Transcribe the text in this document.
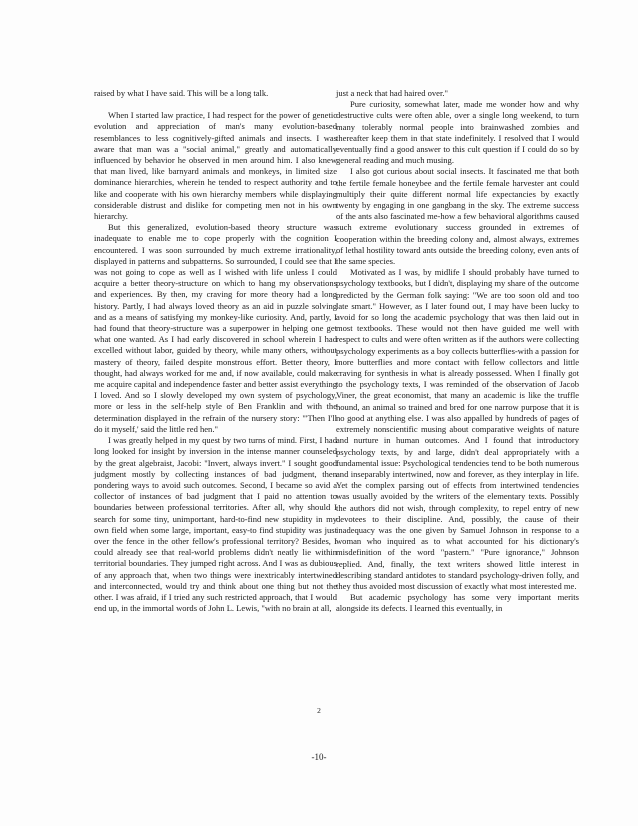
raised by what I have said. This will be a long talk.

When I started law practice, I had respect for the power of genetic evolution and appreciation of man's many evolution-based resemblances to less cognitively-gifted animals and insects. I was aware that man was a "social animal," greatly and automatically influenced by behavior he observed in men around him. I also knew that man lived, like barnyard animals and monkeys, in limited size dominance hierarchies, wherein he tended to respect authority and to like and cooperate with his own hierarchy members while displaying considerable distrust and dislike for competing men not in his own hierarchy.

But this generalized, evolution-based theory structure was inadequate to enable me to cope properly with the cognition I encountered. I was soon surrounded by much extreme irrationality, displayed in patterns and subpatterns. So surrounded, I could see that I was not going to cope as well as I wished with life unless I could acquire a better theory-structure on which to hang my observations and experiences. By then, my craving for more theory had a long history. Partly, I had always loved theory as an aid in puzzle solving and as a means of satisfying my monkey-like curiosity. And, partly, I had found that theory-structure was a superpower in helping one get what one wanted. As I had early discovered in school wherein I had excelled without labor, guided by theory, while many others, without mastery of theory, failed despite monstrous effort. Better theory, I thought, had always worked for me and, if now available, could make me acquire capital and independence faster and better assist everything I loved. And so I slowly developed my own system of psychology, more or less in the self-help style of Ben Franklin and with the determination displayed in the refrain of the nursery story: "'Then I'll do it myself,' said the little red hen."

I was greatly helped in my quest by two turns of mind. First, I had long looked for insight by inversion in the intense manner counseled by the great algebraist, Jacobi: "Invert, always invert." I sought good judgment mostly by collecting instances of bad judgment, then pondering ways to avoid such outcomes. Second, I became so avid a collector of instances of bad judgment that I paid no attention to boundaries between professional territories. After all, why should I search for some tiny, unimportant, hard-to-find new stupidity in my own field when some large, important, easy-to find stupidity was just over the fence in the other fellow's professional territory? Besides, I could already see that real-world problems didn't neatly lie within territorial boundaries. They jumped right across. And I was as dubious of any approach that, when two things were inextricably intertwined and interconnected, would try and think about one thing but not the other. I was afraid, if I tried any such restricted approach, that I would end up, in the immortal words of John L. Lewis, "with no brain at all,

just a neck that had haired over."

Pure curiosity, somewhat later, made me wonder how and why destructive cults were often able, over a single long weekend, to turn many tolerably normal people into brainwashed zombies and thereafter keep them in that state indefinitely. I resolved that I would eventually find a good answer to this cult question if I could do so by general reading and much musing.

I also got curious about social insects. It fascinated me that both the fertile female honeybee and the fertile female harvester ant could multiply their quite different normal life expectancies by exactly twenty by engaging in one gangbang in the sky. The extreme success of the ants also fascinated me-how a few behavioral algorithms caused such extreme evolutionary success grounded in extremes of cooperation within the breeding colony and, almost always, extremes of lethal hostility toward ants outside the breeding colony, even ants of the same species.

Motivated as I was, by midlife I should probably have turned to psychology textbooks, but I didn't, displaying my share of the outcome predicted by the German folk saying: "We are too soon old and too late smart." However, as I later found out, I may have been lucky to avoid for so long the academic psychology that was then laid out in most textbooks. These would not then have guided me well with respect to cults and were often written as if the authors were collecting psychology experiments as a boy collects butterflies-with a passion for more butterflies and more contact with fellow collectors and little craving for synthesis in what is already possessed. When I finally got to the psychology texts, I was reminded of the observation of Jacob Viner, the great economist, that many an academic is like the truffle hound, an animal so trained and bred for one narrow purpose that it is no good at anything else. I was also appalled by hundreds of pages of extremely nonscientific musing about comparative weights of nature and nurture in human outcomes. And I found that introductory psychology texts, by and large, didn't deal appropriately with a fundamental issue: Psychological tendencies tend to be both numerous and inseparably intertwined, now and forever, as they interplay in life. Yet the complex parsing out of effects from intertwined tendencies was usually avoided by the writers of the elementary texts. Possibly the authors did not wish, through complexity, to repel entry of new devotees to their discipline. And, possibly, the cause of their inadequacy was the one given by Samuel Johnson in response to a woman who inquired as to what accounted for his dictionary's misdefinition of the word "pastern." "Pure ignorance," Johnson replied. And, finally, the text writers showed little interest in describing standard antidotes to standard psychology-driven folly, and they thus avoided most discussion of exactly what most interested me.

But academic psychology has some very important merits alongside its defects. I learned this eventually, in

2
-10-
